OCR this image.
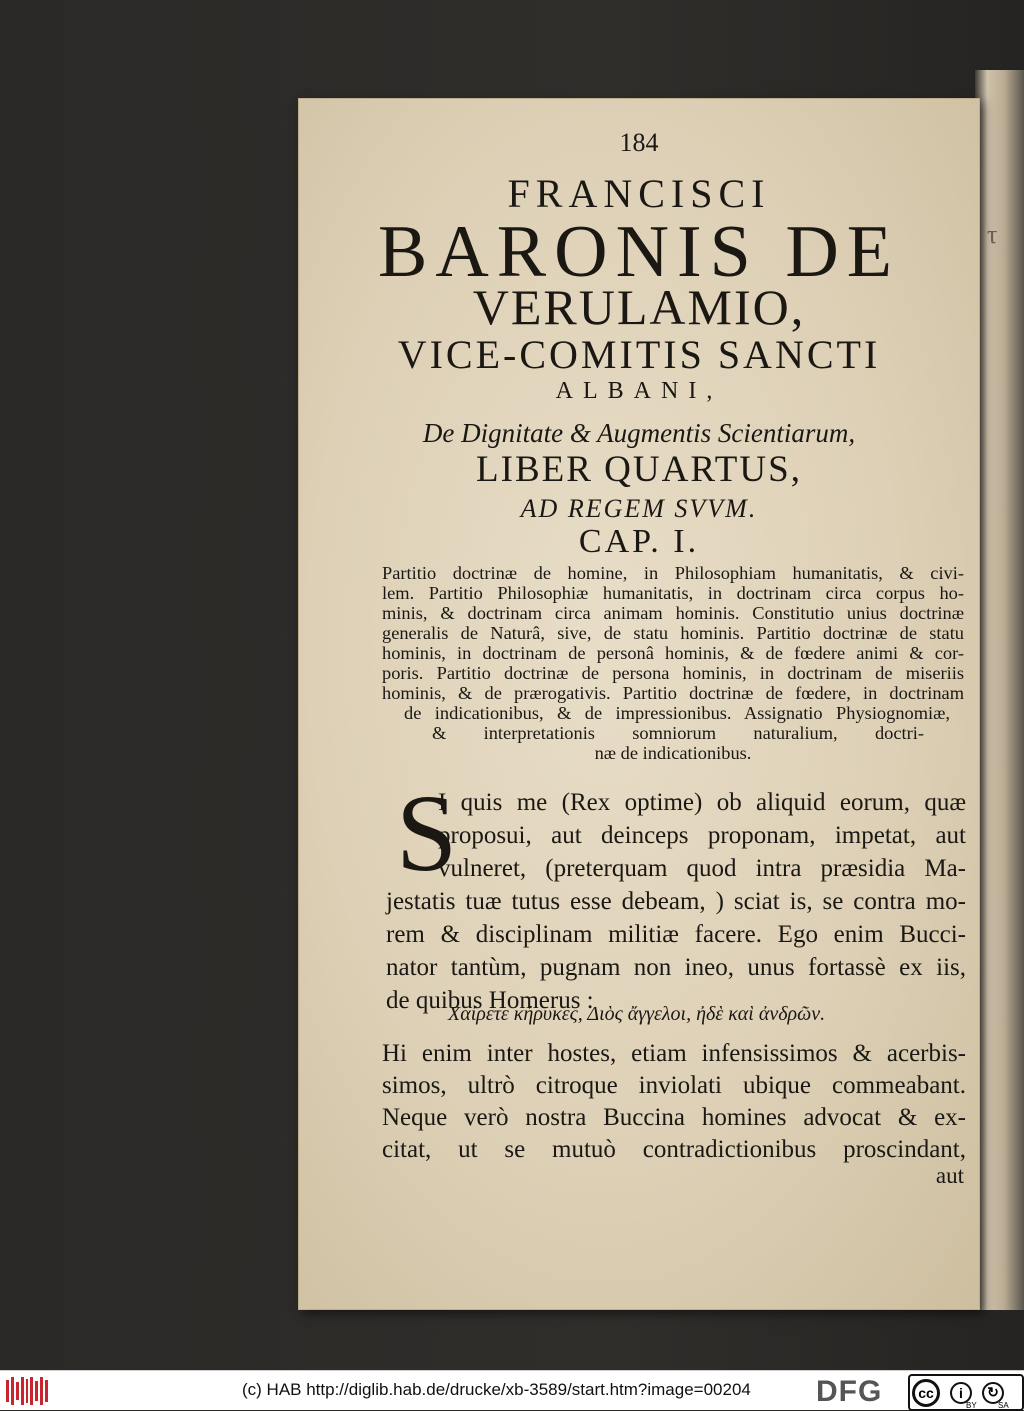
τ
184
FRANCISCI
BARONIS DE
VERULAMIO,
VICE-COMITIS SANCTI
ALBANI,
De Dignitate & Augmentis Scientiarum,
LIBER QUARTUS,
AD REGEM SVVM.
CAP. I.
Partitio doctrinæ de homine, in Philosophiam humanitatis, & civi-
lem. Partitio Philosophiæ humanitatis, in doctrinam circa corpus ho-
minis, & doctrinam circa animam hominis. Constitutio unius doctrinæ
generalis de Naturâ, sive, de statu hominis. Partitio doctrinæ de statu
hominis, in doctrinam de personâ hominis, & de fœdere animi & cor-
poris. Partitio doctrinæ de persona hominis, in doctrinam de miseriis
hominis, & de prærogativis. Partitio doctrinæ de fœdere, in doctrinam
de indicationibus, & de impressionibus. Assignatio Physiognomiæ,
& interpretationis somniorum naturalium, doctri-
næ de indicationibus.
S
I quis me (Rex optime) ob aliquid eorum, quæ
proposui, aut deinceps proponam, impetat, aut
vulneret, (preterquam quod intra præsidia Ma-
jestatis tuæ tutus esse debeam, ) sciat is, se contra mo-
rem & disciplinam militiæ facere. Ego enim Bucci-
nator tantùm, pugnam non ineo, unus fortassè ex iis,
de quibus Homerus :
Χαίρετε κήρυκες, Διὸς ἄγγελοι, ἠδὲ καὶ ἀνδρῶν.
Hi enim inter hostes, etiam infensissimos & acerbis-
simos, ultrò citroque inviolati ubique commeabant.
Neque verò nostra Buccina homines advocat & ex-
citat, ut se mutuò contradictionibus proscindant,
aut
(c) HAB http://diglib.hab.de/drucke/xb-3589/start.htm?image=00204 DFG	cc	i	↻
BY	SA
